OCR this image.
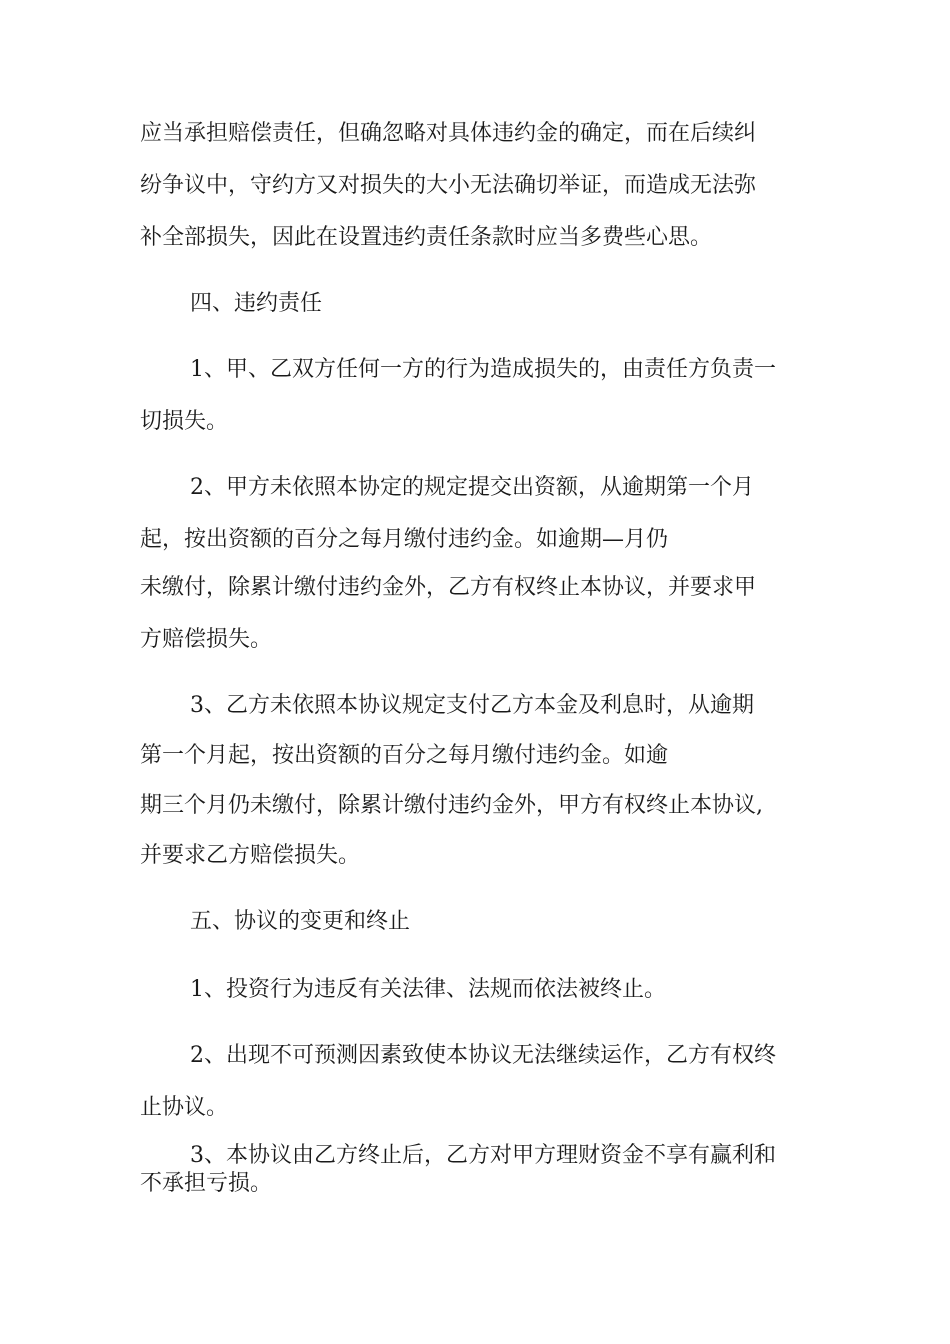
应当承担赔偿责任，但确忽略对具体违约金的确定，而在后续纠
纷争议中，守约方又对损失的大小无法确切举证，而造成无法弥
补全部损失，因此在设置违约责任条款时应当多费些心思。
四、违约责任
1、甲、乙双方任何一方的行为造成损失的，由责任方负责一
切损失。
2、甲方未依照本协定的规定提交出资额，从逾期第一个月
起，按出资额的百分之每月缴付违约金。如逾期—月仍
未缴付，除累计缴付违约金外，乙方有权终止本协议，并要求甲
方赔偿损失。
3、乙方未依照本协议规定支付乙方本金及利息时，从逾期
第一个月起，按出资额的百分之每月缴付违约金。如逾
期三个月仍未缴付，除累计缴付违约金外，甲方有权终止本协议,
并要求乙方赔偿损失。
五、协议的变更和终止
1、投资行为违反有关法律、法规而依法被终止。
2、出现不可预测因素致使本协议无法继续运作，乙方有权终
止协议。
3、本协议由乙方终止后，乙方对甲方理财资金不享有赢利和
不承担亏损。
